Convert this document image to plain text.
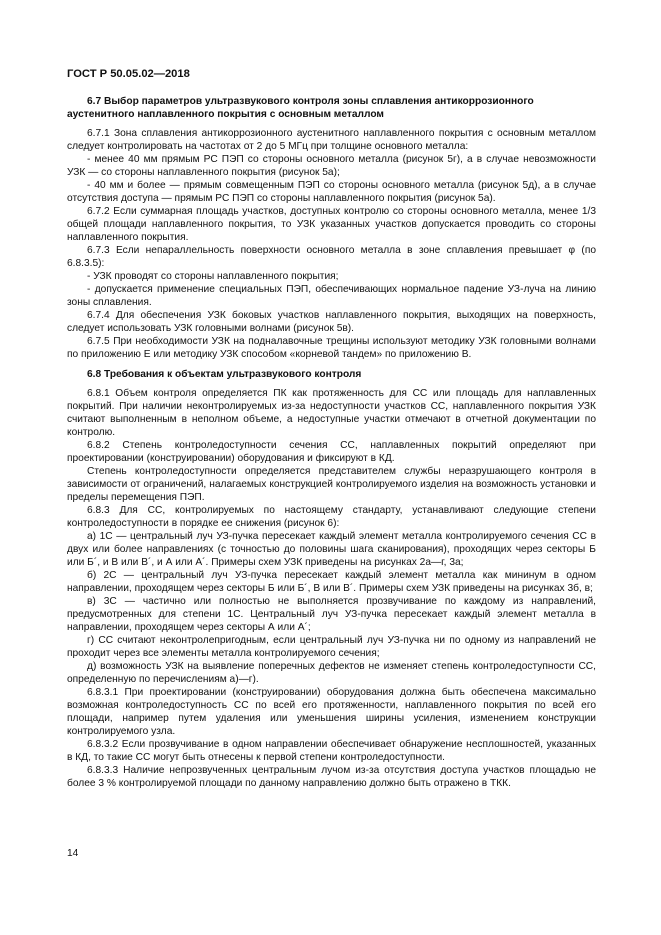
ГОСТ Р 50.05.02—2018
6.7 Выбор параметров ультразвукового контроля зоны сплавления антикоррозионного
аустенитного наплавленного покрытия с основным металлом

6.7.1 Зона сплавления антикоррозионного аустенитного наплавленного покрытия с основным металлом следует контролировать на частотах от 2 до 5 МГц при толщине основного металла:

- менее 40 мм прямым РС ПЭП со стороны основного металла (рисунок 5г), а в случае невозможности УЗК — со стороны наплавленного покрытия (рисунок 5а);

- 40 мм и более — прямым совмещенным ПЭП со стороны основного металла (рисунок 5д), а в случае отсутствия доступа — прямым РС ПЭП со стороны наплавленного покрытия (рисунок 5а).

6.7.2 Если суммарная площадь участков, доступных контролю со стороны основного металла, менее 1/3 общей площади наплавленного покрытия, то УЗК указанных участков допускается проводить со стороны наплавленного покрытия.

6.7.3 Если непараллельность поверхности основного металла в зоне сплавления превышает φ (по 6.8.3.5):

- УЗК проводят со стороны наплавленного покрытия;

- допускается применение специальных ПЭП, обеспечивающих нормальное падение УЗ-луча на линию зоны сплавления.

6.7.4 Для обеспечения УЗК боковых участков наплавленного покрытия, выходящих на поверхность, следует использовать УЗК головными волнами (рисунок 5в).

6.7.5 При необходимости УЗК на подналавочные трещины используют методику УЗК головными волнами по приложению Е или методику УЗК способом «корневой тандем» по приложению В.

6.8 Требования к объектам ультразвукового контроля

6.8.1 Объем контроля определяется ПК как протяженность для СС или площадь для наплавленных покрытий. При наличии неконтролируемых из-за недоступности участков СС, наплавленного покрытия УЗК считают выполненным в неполном объеме, а недоступные участки отмечают в отчетной документации по контролю.

6.8.2 Степень контроледоступности сечения СС, наплавленных покрытий определяют при проектировании (конструировании) оборудования и фиксируют в КД.

Степень контроледоступности определяется представителем службы неразрушающего контроля в зависимости от ограничений, налагаемых конструкцией контролируемого изделия на возможность установки и пределы перемещения ПЭП.

6.8.3 Для СС, контролируемых по настоящему стандарту, устанавливают следующие степени контроледоступности в порядке ее снижения (рисунок 6):

а) 1С — центральный луч УЗ-пучка пересекает каждый элемент металла контролируемого сечения СС в двух или более направлениях (с точностью до половины шага сканирования), проходящих через секторы Б или Б´, и В или В´, и А или А´. Примеры схем УЗК приведены на рисунках 2а—г, 3а;

б) 2С — центральный луч УЗ-пучка пересекает каждый элемент металла как мининум в одном направлении, проходящем через секторы Б или Б´, В или В´. Примеры схем УЗК приведены на рисунках 3б, в;

в) 3С — частично или полностью не выполняется прозвучивание по каждому из направлений, предусмотренных для степени 1С. Центральный луч УЗ-пучка пересекает каждый элемент металла в направлении, проходящем через секторы А или А´;

г) СС считают неконтролепригодным, если центральный луч УЗ-пучка ни по одному из направлений не проходит через все элементы металла контролируемого сечения;

д) возможность УЗК на выявление поперечных дефектов не изменяет степень контроледоступности СС, определенную по перечислениям а)—г).

6.8.3.1 При проектировании (конструировании) оборудования должна быть обеспечена максимально возможная контроледоступность СС по всей его протяженности, наплавленного покрытия по всей его площади, например путем удаления или уменьшения ширины усиления, изменением конструкции контролируемого узла.

6.8.3.2 Если прозвучивание в одном направлении обеспечивает обнаружение несплошностей, указанных в КД, то такие СС могут быть отнесены к первой степени контроледоступности.

6.8.3.3 Наличие непрозвученных центральным лучом из-за отсутствия доступа участков площадью не более 3 % контролируемой площади по данному направлению должно быть отражено в ТКК.

14
